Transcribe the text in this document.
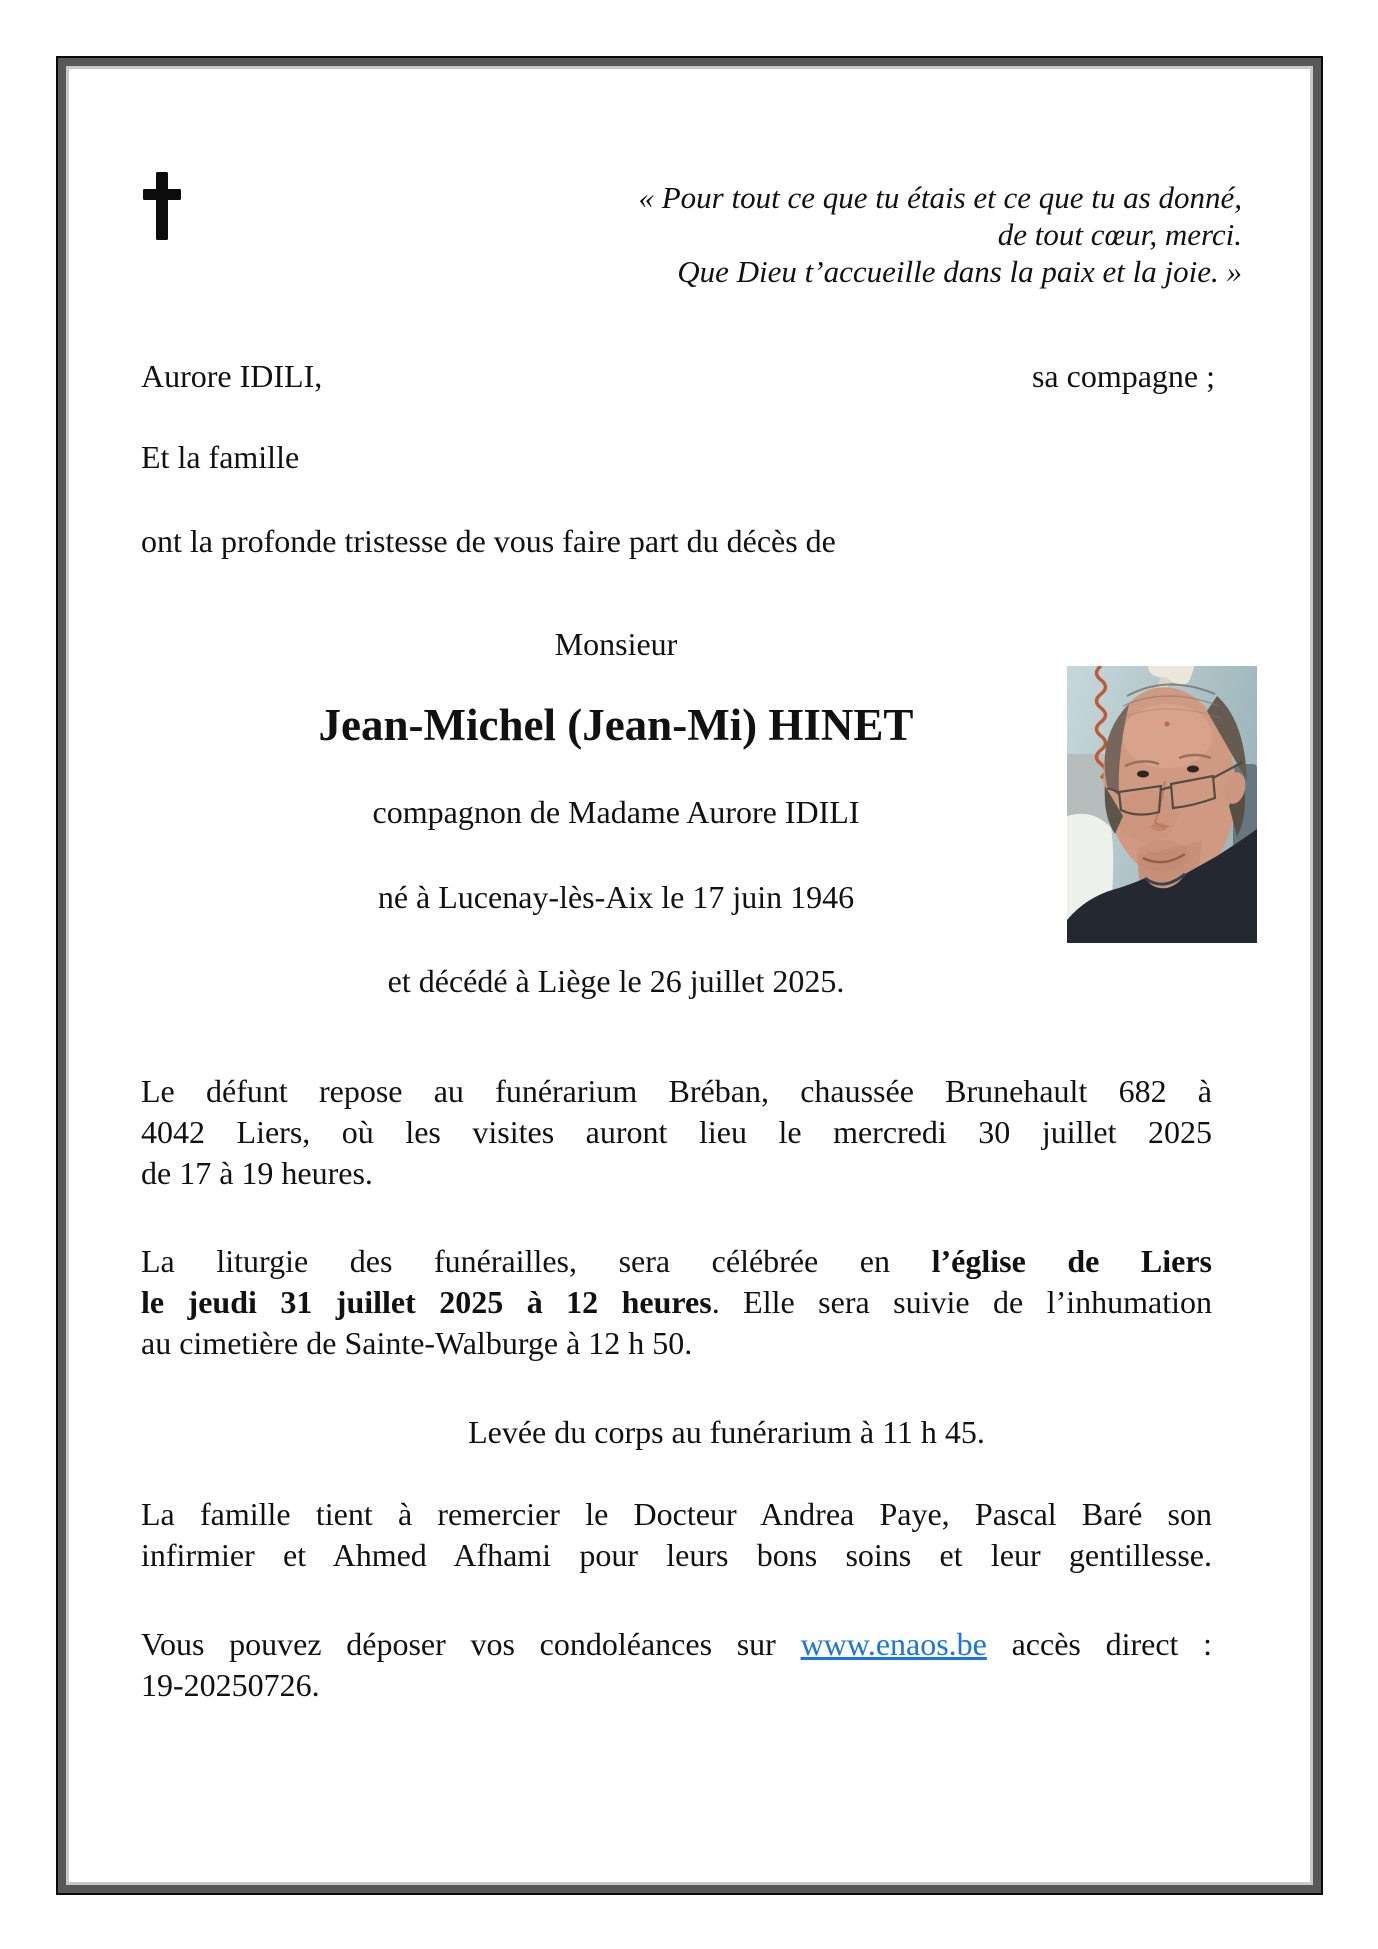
« Pour tout ce que tu étais et ce que tu as donné,
de tout cœur, merci.
Que Dieu t’accueille dans la paix et la joie. »
Aurore IDILI,	sa compagne ;
Et la famille
ont la profonde tristesse de vous faire part du décès de
Monsieur
Jean-Michel (Jean-Mi) HINET
compagnon de Madame Aurore IDILI
né à Lucenay-lès-Aix le 17 juin 1946
et décédé à Liège le 26 juillet 2025.
Le défunt repose au funérarium Bréban, chaussée Brunehault 682 à
4042 Liers, où les visites auront lieu le mercredi 30 juillet 2025
de 17 à 19 heures.
La liturgie des funérailles, sera célébrée en l’église de Liers
le jeudi 31 juillet 2025 à 12 heures. Elle sera suivie de l’inhumation
au cimetière de Sainte-Walburge à 12 h 50.
Levée du corps au funérarium à 11 h 45.
La famille tient à remercier le Docteur Andrea Paye, Pascal Baré son
infirmier et Ahmed Afhami pour leurs bons soins et leur gentillesse.
Vous pouvez déposer vos condoléances sur www.enaos.be accès direct :
19-20250726.
